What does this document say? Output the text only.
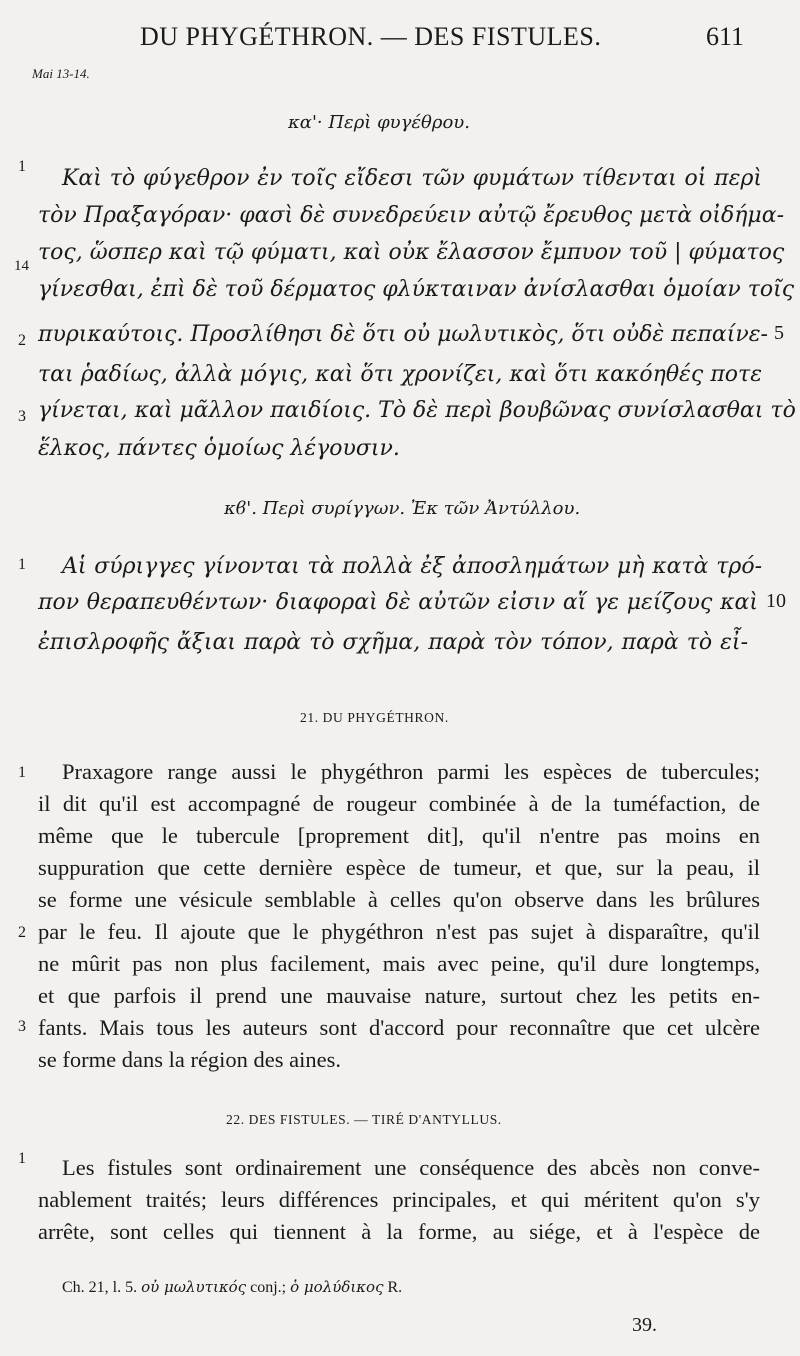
DU PHYGÉTHRON. — DES FISTULES.	611
Mai 13-14.
κα'· Περὶ φυγέθρου.
1
14
2
3
5
Καὶ τὸ φύγεθρον ἐν τοῖς εἴδεσι τῶν φυμάτων τίθενται οἱ περὶ
τὸν Πραξαγόραν· φασὶ δὲ συνεδρεύειν αὐτῷ ἔρευθος μετὰ οἰδήμα-
τος, ὥσπερ καὶ τῷ φύματι, καὶ οὐκ ἔλασσον ἔμπυον τοῦ | φύματος
γίνεσθαι, ἐπὶ δὲ τοῦ δέρματος φλύκταιναν ἀνίσλασθαι ὁμοίαν τοῖς
πυρικαύτοις. Προσλίθησι δὲ ὅτι οὐ μωλυτικὸς, ὅτι οὐδὲ πεπαίνε-
ται ῥαδίως, ἀλλὰ μόγις, καὶ ὅτι χρονίζει, καὶ ὅτι κακόηθές ποτε
γίνεται, καὶ μᾶλλον παιδίοις. Τὸ δὲ περὶ βουβῶνας συνίσλασθαι τὸ
ἕλκος, πάντες ὁμοίως λέγουσιν.
κϐ'. Περὶ συρίγγων. Ἐκ τῶν Ἀντύλλου.
1
10
Αἱ σύριγγες γίνονται τὰ πολλὰ ἐξ ἀποσλημάτων μὴ κατὰ τρό-
πον θεραπευθέντων· διαφοραὶ δὲ αὐτῶν εἰσιν αἵ γε μείζους καὶ
ἐπισλροφῆς ἄξιαι παρὰ τὸ σχῆμα, παρὰ τὸν τόπον, παρὰ τὸ εἶ-
21. DU PHYGÉTHRON.
1
2
3
Praxagore range aussi le phygéthron parmi les espèces de tubercules;
il dit qu'il est accompagné de rougeur combinée à de la tuméfaction, de
même que le tubercule [proprement dit], qu'il n'entre pas moins en
suppuration que cette dernière espèce de tumeur, et que, sur la peau, il
se forme une vésicule semblable à celles qu'on observe dans les brûlures
par le feu. Il ajoute que le phygéthron n'est pas sujet à disparaître, qu'il
ne mûrit pas non plus facilement, mais avec peine, qu'il dure longtemps,
et que parfois il prend une mauvaise nature, surtout chez les petits en-
fants. Mais tous les auteurs sont d'accord pour reconnaître que cet ulcère
se forme dans la région des aines.
22. DES FISTULES. — TIRÉ D'ANTYLLUS.
1 Les fistules sont ordinairement une conséquence des abcès non conve-
nablement traités; leurs différences principales, et qui méritent qu'on s'y
arrête, sont celles qui tiennent à la forme, au siége, et à l'espèce de
Ch. 21, l. 5. οὐ μωλυτικός conj.; ὁ μολύδικος R.
39.
